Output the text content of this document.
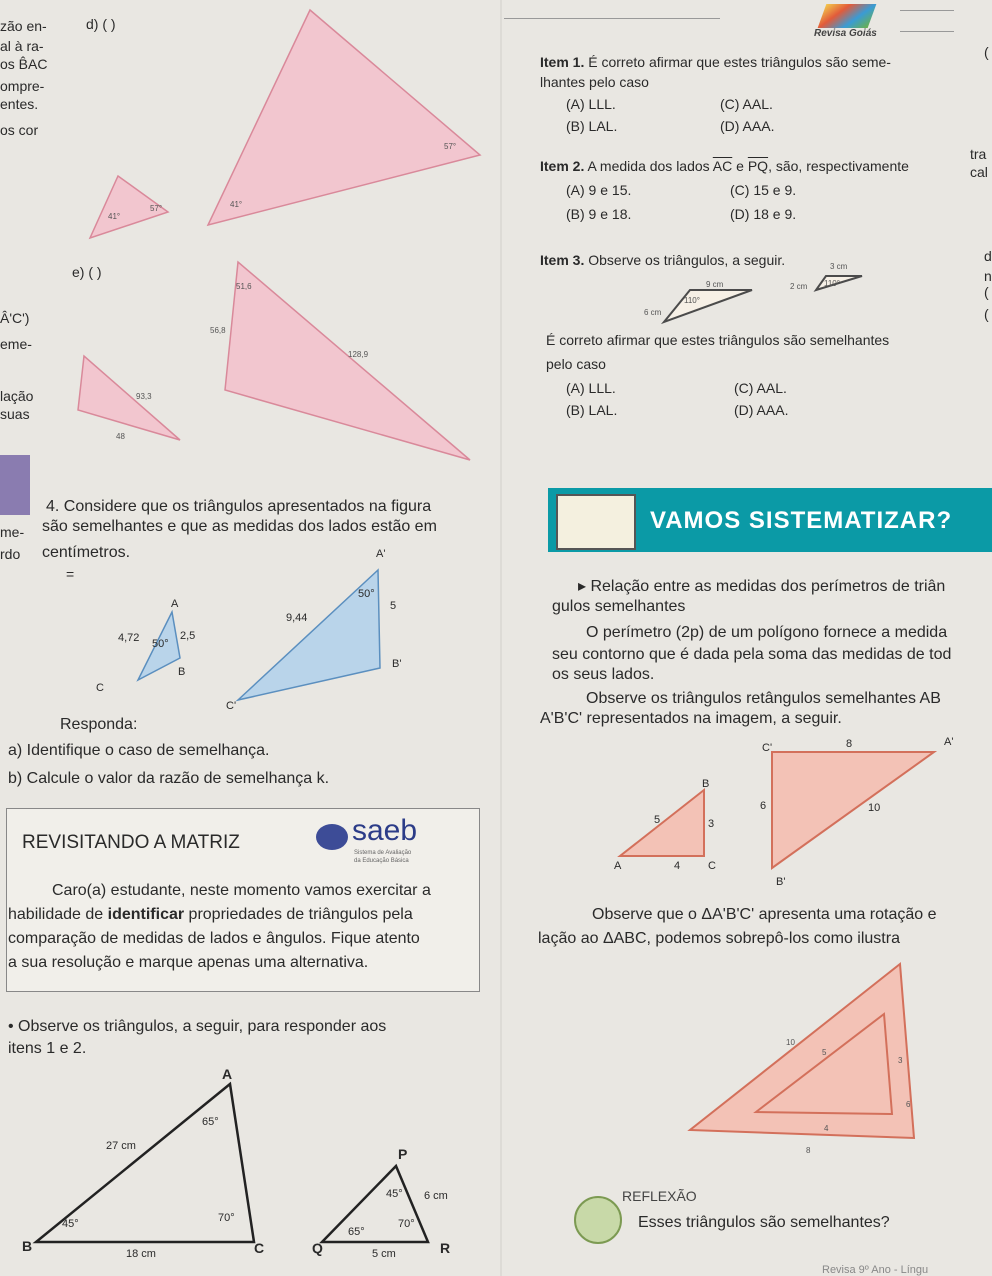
zão en-
al à ra-
os B̂AC
ompre-
entes.
os cor
Â'C')
eme-
lação
suas
me-
rdo
=
d) ( )
57°
57°	41°
41°
e) ( )
51,6
56,8
128,9
93,3
48
4. Considere que os triângulos apresentados na figura
são semelhantes e que as medidas dos lados estão em
centímetros.
A
B
C
2,5
4,72 50°
A'
B'
C'
5
9,44
50°
Responda:
a) Identifique o caso de semelhança.
b) Calcule o valor da razão de semelhança k.
REVISITANDO A MATRIZ	saeb
Sistema de Avaliação
da Educação Básica
Caro(a) estudante, neste momento vamos exercitar a
habilidade de identificar propriedades de triângulos pela
comparação de medidas de lados e ângulos. Fique atento
a sua resolução e marque apenas uma alternativa.
• Observe os triângulos, a seguir, para responder aos
itens 1 e 2.
A
B	C
27 cm
18 cm
65°
45°	70°
P
Q	R
6 cm
5 cm
45°
65°
70°
Revisa Goiás
Item 1. É correto afirmar que estes triângulos são seme-
lhantes pelo caso
(A) LLL.	(C) AAL.
(B) LAL.	(D) AAA.
Item 2. A medida dos lados $\overline{AC}$ e $\overline{PQ}$, são, respectivamente
(A) 9 e 15.	(C) 15 e 9.
(B) 9 e 18.	(D) 18 e 9.
Item 3. Observe os triângulos, a seguir.
9 cm
110°
6 cm
3 cm
110°
2 cm
É correto afirmar que estes triângulos são semelhantes
pelo caso
(A) LLL.	(C) AAL.
(B) LAL.	(D) AAA.
(
tra
cal
d
n
(
(
VAMOS SISTEMATIZAR?
▸ Relação entre as medidas dos perímetros de triân
gulos semelhantes
O perímetro (2p) de um polígono fornece a medida
seu contorno que é dada pela soma das medidas de tod
os seus lados.
Observe os triângulos retângulos semelhantes AB
A'B'C' representados na imagem, a seguir.
A
B
C
5	3
4
C'	A'
B'
8
6	10
Observe que o ΔA'B'C' apresenta uma rotação e
lação ao ΔABC, podemos sobrepô-los como ilustra
10
5
3
4
6
8
REFLEXÃO
Esses triângulos são semelhantes?
Revisa 9º Ano - Língu
